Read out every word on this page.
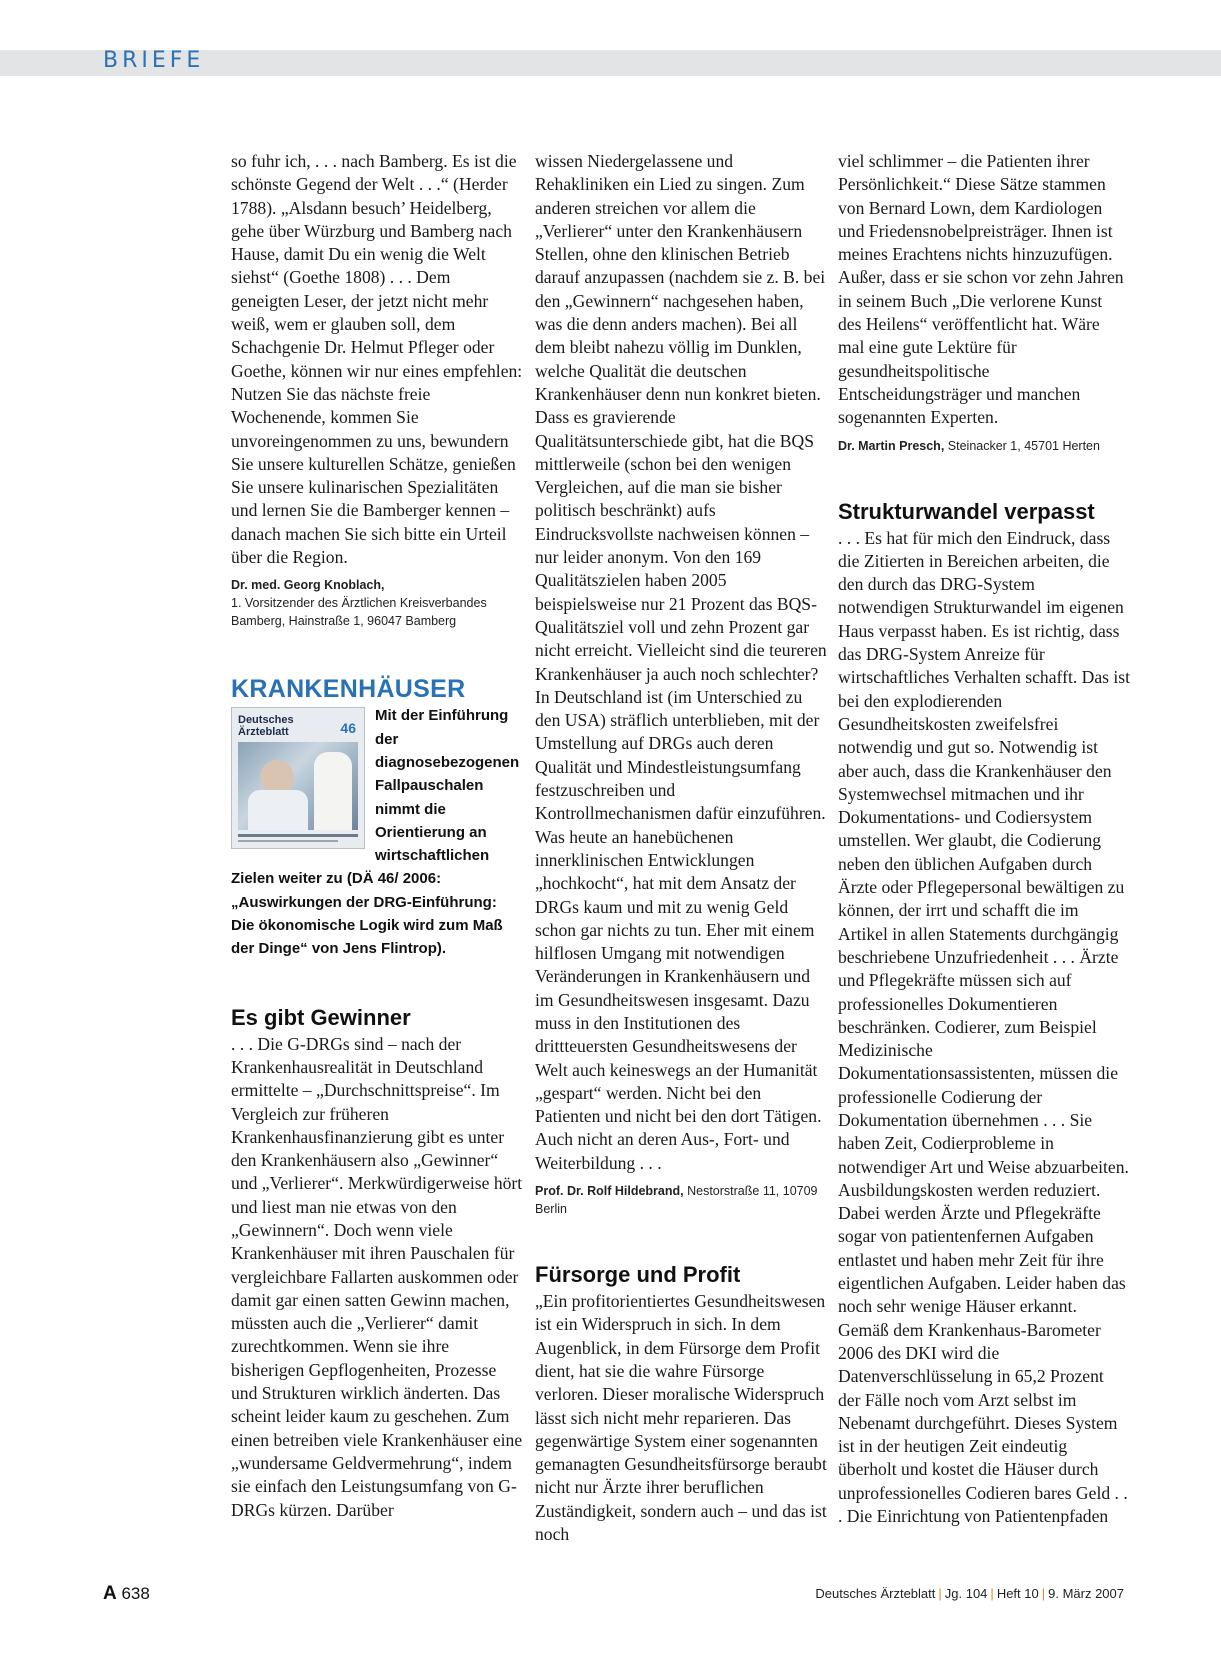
BRIEFE

so fuhr ich, . . . nach Bamberg. Es ist die schönste Gegend der Welt . . .“ (Herder 1788). „Alsdann besuch’ Heidelberg, gehe über Würzburg und Bamberg nach Hause, damit Du ein wenig die Welt siehst“ (Goethe 1808) . . . Dem geneigten Leser, der jetzt nicht mehr weiß, wem er glauben soll, dem Schachgenie Dr. Helmut Pfleger oder Goethe, können wir nur eines empfehlen: Nutzen Sie das nächste freie Wochenende, kommen Sie unvoreingenommen zu uns, bewundern Sie unsere kulturellen Schätze, genießen Sie unsere kulinarischen Spezialitäten und lernen Sie die Bamberger kennen – danach machen Sie sich bitte ein Urteil über die Region.

Dr. med. Georg Knoblach,
1. Vorsitzender des Ärztlichen Kreisverbandes
Bamberg, Hainstraße 1, 96047 Bamberg
KRANKENHÄUSER
Deutsches
Ärzteblatt	46
Mit der Einführung der diagnosebezogenen Fallpauschalen nimmt die Orientierung an wirtschaftlichen Zielen weiter zu (DÄ 46/ 2006: „Auswirkungen der DRG-Einführung: Die ökonomische Logik wird zum Maß der Dinge“ von Jens Flintrop).
Es gibt Gewinner

. . . Die G-DRGs sind – nach der Krankenhausrealität in Deutschland ermittelte – „Durchschnittspreise“. Im Vergleich zur früheren Krankenhausfinanzierung gibt es unter den Krankenhäusern also „Gewinner“ und „Verlierer“. Merkwürdigerweise hört und liest man nie etwas von den „Gewinnern“. Doch wenn viele Krankenhäuser mit ihren Pauschalen für vergleichbare Fallarten auskommen oder damit gar einen satten Gewinn machen, müssten auch die „Verlierer“ damit zurechtkommen. Wenn sie ihre bisherigen Gepflogenheiten, Prozesse und Strukturen wirklich änderten. Das scheint leider kaum zu geschehen. Zum einen betreiben viele Krankenhäuser eine „wundersame Geldvermehrung“, indem sie einfach den Leistungsumfang von G-DRGs kürzen. Darüber

wissen Niedergelassene und Rehakliniken ein Lied zu singen. Zum anderen streichen vor allem die „Verlierer“ unter den Krankenhäusern Stellen, ohne den klinischen Betrieb darauf anzupassen (nachdem sie z. B. bei den „Gewinnern“ nachgesehen haben, was die denn anders machen). Bei all dem bleibt nahezu völlig im Dunklen, welche Qualität die deutschen Krankenhäuser denn nun konkret bieten. Dass es gravierende Qualitätsunterschiede gibt, hat die BQS mittlerweile (schon bei den wenigen Vergleichen, auf die man sie bisher politisch beschränkt) aufs Eindrucksvollste nachweisen können – nur leider anonym. Von den 169 Qualitätszielen haben 2005 beispielsweise nur 21 Prozent das BQS-Qualitätsziel voll und zehn Prozent gar nicht erreicht. Vielleicht sind die teureren Krankenhäuser ja auch noch schlechter? In Deutschland ist (im Unterschied zu den USA) sträflich unterblieben, mit der Umstellung auf DRGs auch deren Qualität und Mindestleistungsumfang festzuschreiben und Kontrollmechanismen dafür einzuführen. Was heute an hanebüchenen innerklinischen Entwicklungen „hochkocht“, hat mit dem Ansatz der DRGs kaum und mit zu wenig Geld schon gar nichts zu tun. Eher mit einem hilflosen Umgang mit notwendigen Veränderungen in Krankenhäusern und im Gesundheitswesen insgesamt. Dazu muss in den Institutionen des drittteuersten Gesundheitswesens der Welt auch keineswegs an der Humanität „gespart“ werden. Nicht bei den Patienten und nicht bei den dort Tätigen. Auch nicht an deren Aus-, Fort- und Weiterbildung . . .

Prof. Dr. Rolf Hildebrand, Nestorstraße 11, 10709 Berlin
Fürsorge und Profit

„Ein profitorientiertes Gesundheitswesen ist ein Widerspruch in sich. In dem Augenblick, in dem Fürsorge dem Profit dient, hat sie die wahre Fürsorge verloren. Dieser moralische Widerspruch lässt sich nicht mehr reparieren. Das gegenwärtige System einer sogenannten gemanagten Gesundheitsfürsorge beraubt nicht nur Ärzte ihrer beruflichen Zuständigkeit, sondern auch – und das ist noch

viel schlimmer – die Patienten ihrer Persönlichkeit.“ Diese Sätze stammen von Bernard Lown, dem Kardiologen und Friedensnobelpreisträger. Ihnen ist meines Erachtens nichts hinzuzufügen. Außer, dass er sie schon vor zehn Jahren in seinem Buch „Die verlorene Kunst des Heilens“ veröffentlicht hat. Wäre mal eine gute Lektüre für gesundheitspolitische Entscheidungsträger und manchen sogenannten Experten.

Dr. Martin Presch, Steinacker 1, 45701 Herten
Strukturwandel verpasst

. . . Es hat für mich den Eindruck, dass die Zitierten in Bereichen arbeiten, die den durch das DRG-System notwendigen Strukturwandel im eigenen Haus verpasst haben. Es ist richtig, dass das DRG-System Anreize für wirtschaftliches Verhalten schafft. Das ist bei den explodierenden Gesundheitskosten zweifelsfrei notwendig und gut so. Notwendig ist aber auch, dass die Krankenhäuser den Systemwechsel mitmachen und ihr Dokumentations- und Codiersystem umstellen. Wer glaubt, die Codierung neben den üblichen Aufgaben durch Ärzte oder Pflegepersonal bewältigen zu können, der irrt und schafft die im Artikel in allen Statements durchgängig beschriebene Unzufriedenheit . . . Ärzte und Pflegekräfte müssen sich auf professionelles Dokumentieren beschränken. Codierer, zum Beispiel Medizinische Dokumentationsassistenten, müssen die professionelle Codierung der Dokumentation übernehmen . . . Sie haben Zeit, Codierprobleme in notwendiger Art und Weise abzuarbeiten. Ausbildungskosten werden reduziert. Dabei werden Ärzte und Pflegekräfte sogar von patientenfernen Aufgaben entlastet und haben mehr Zeit für ihre eigentlichen Aufgaben. Leider haben das noch sehr wenige Häuser erkannt. Gemäß dem Krankenhaus-Barometer 2006 des DKI wird die Datenverschlüsselung in 65,2 Prozent der Fälle noch vom Arzt selbst im Nebenamt durchgeführt. Dieses System ist in der heutigen Zeit eindeutig überholt und kostet die Häuser durch unprofessionelles Codieren bares Geld . . . Die Einrichtung von Patientenpfaden

A 638	Deutsches Ärzteblatt | Jg. 104 | Heft 10 | 9. März 2007
